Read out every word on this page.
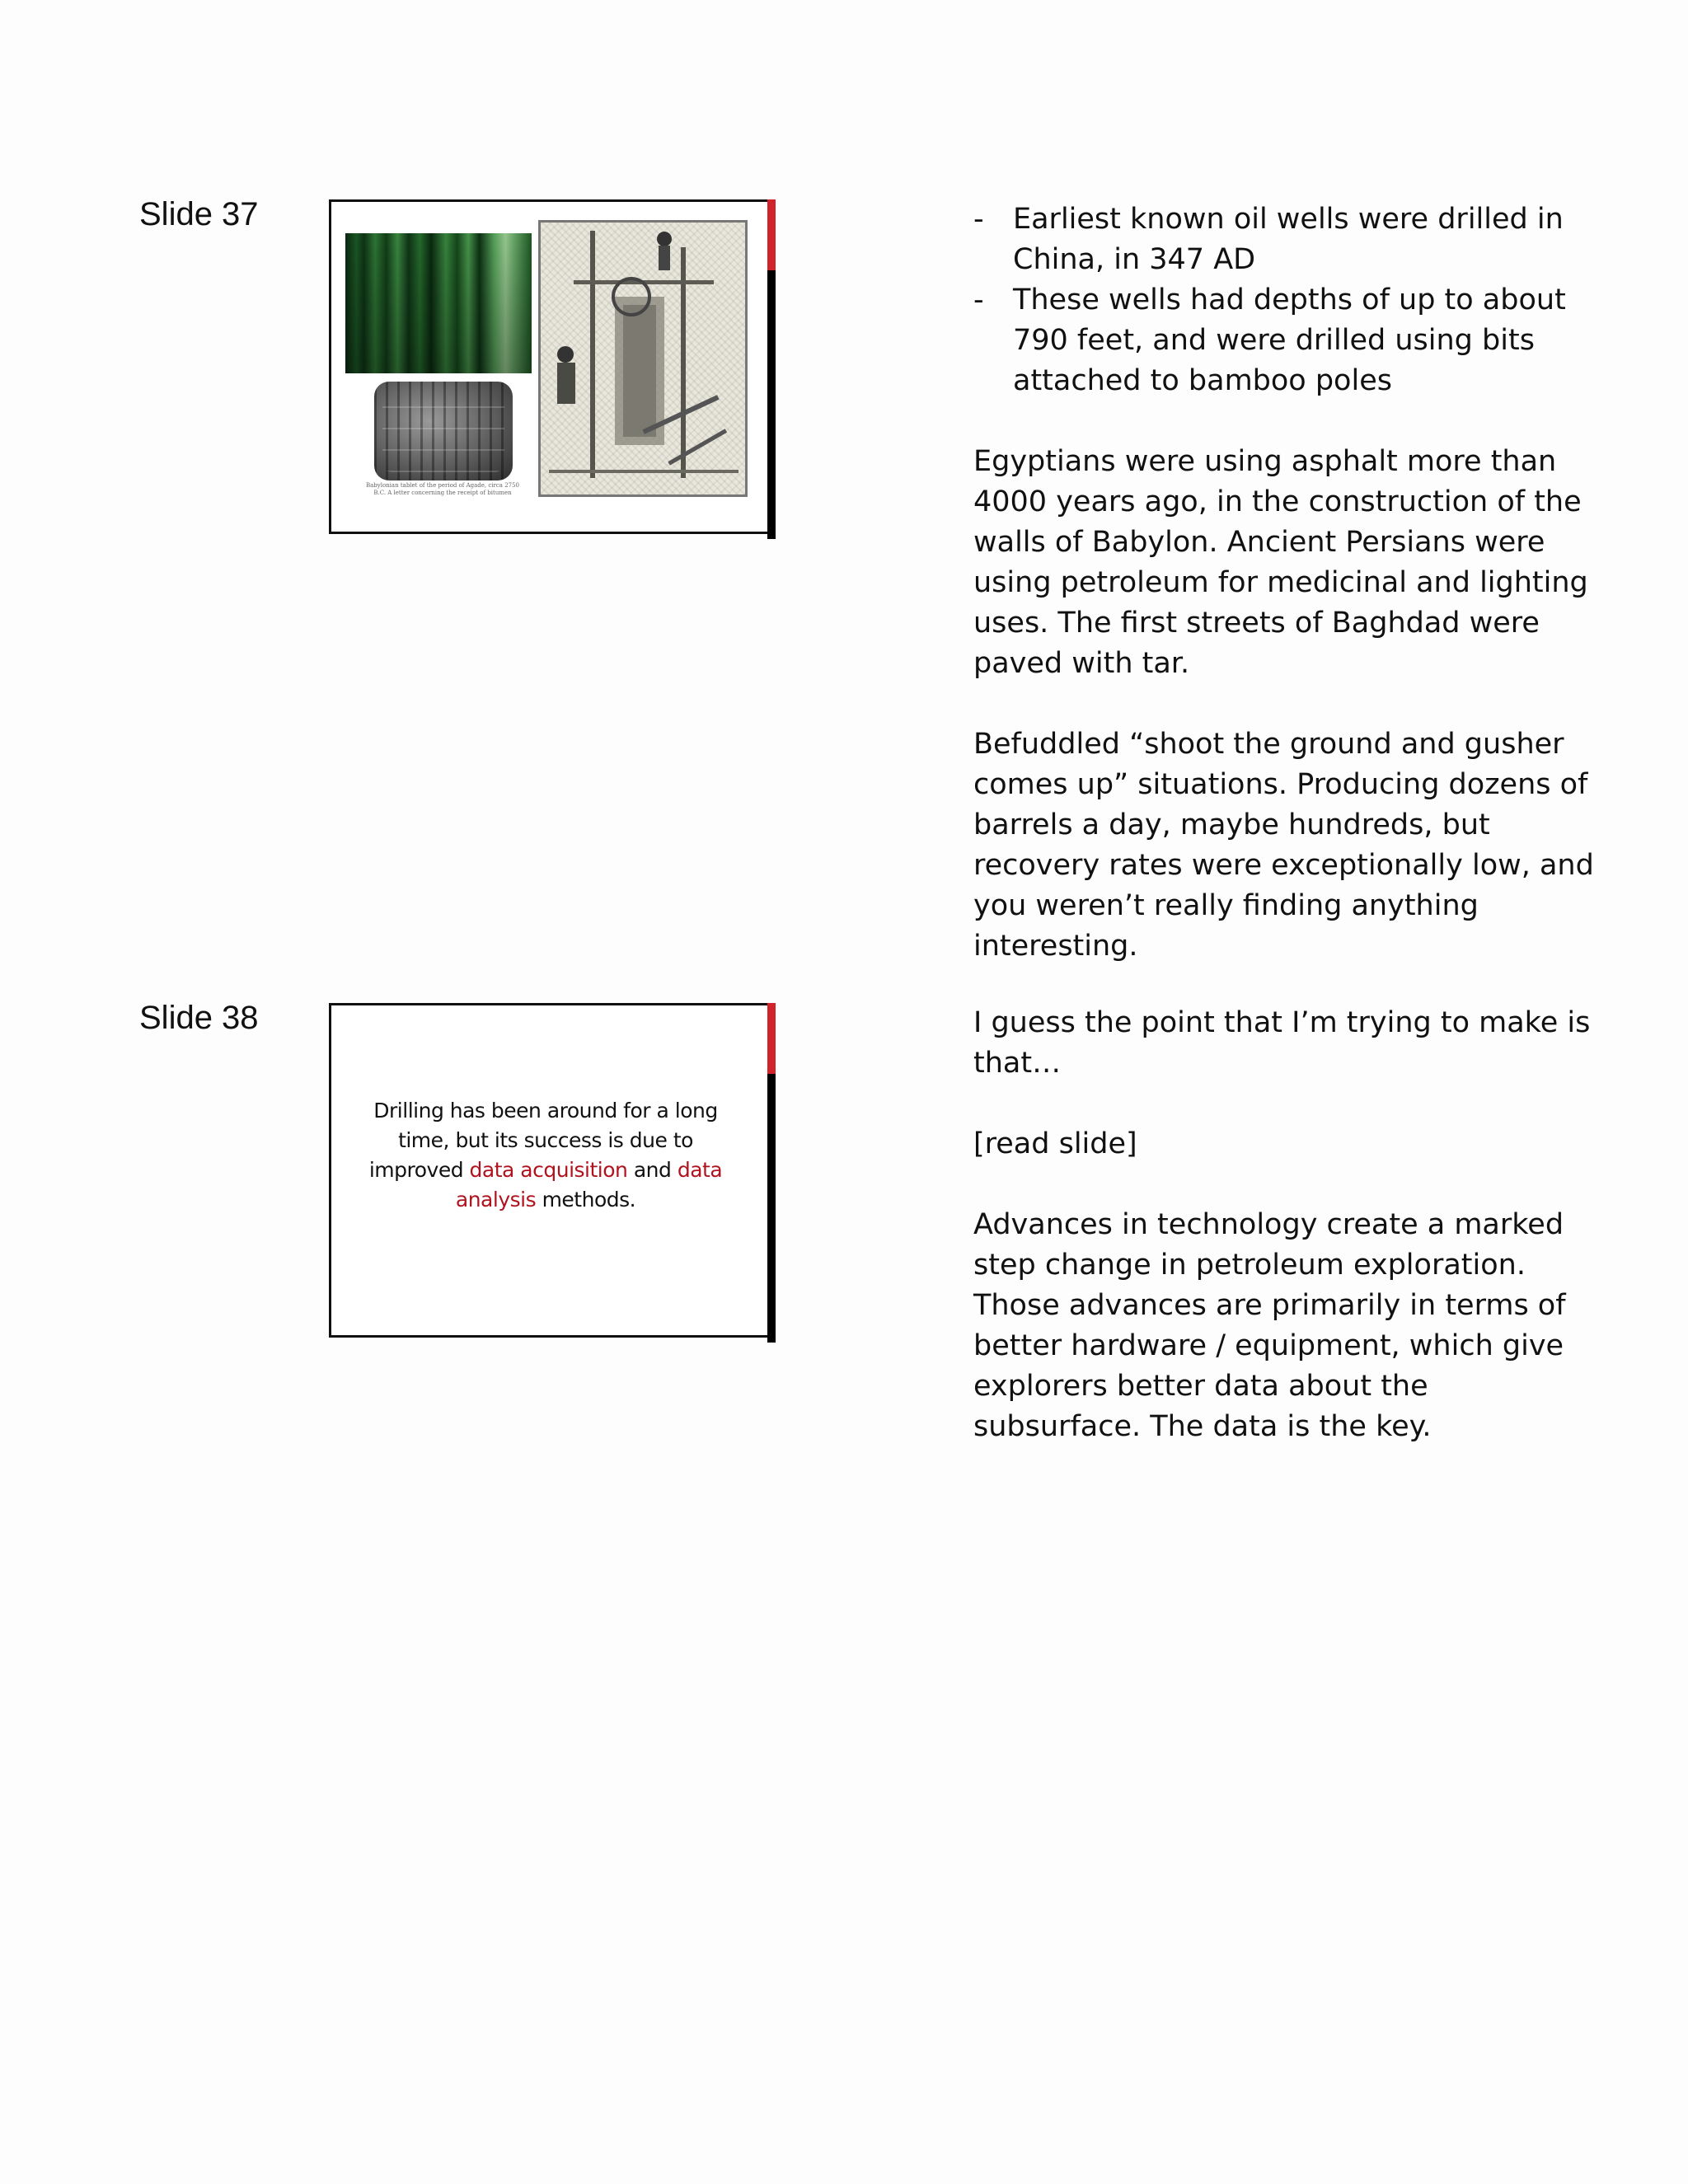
Slide 37
Babylonian tablet of the period of Agade, circa 2750 B.C. A letter concerning the receipt of bitumen
- Earliest known oil wells were drilled in China, in 347 AD
- These wells had depths of up to about 790 feet, and were drilled using bits attached to bamboo poles

Egyptians were using asphalt more than 4000 years ago, in the construction of the walls of Babylon. Ancient Persians were using petroleum for medicinal and lighting uses. The first streets of Baghdad were paved with tar.

Befuddled “shoot the ground and gusher comes up” situations. Producing dozens of barrels a day, maybe hundreds, but recovery rates were exceptionally low, and you weren’t really finding anything interesting.

Slide 38
Drilling has been around for a long time, but its success is due to improved data acquisition and data analysis methods.

I guess the point that I’m trying to make is that…

[read slide]

Advances in technology create a marked step change in petroleum exploration. Those advances are primarily in terms of better hardware / equipment, which give explorers better data about the subsurface. The data is the key.
